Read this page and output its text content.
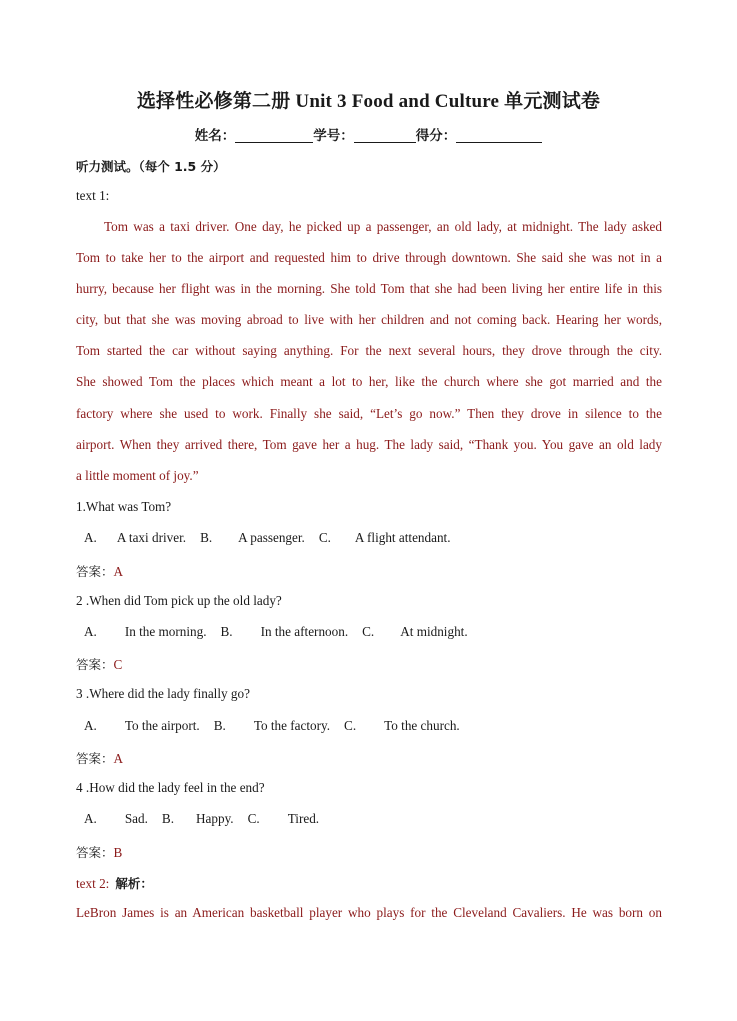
选择性必修第二册 Unit 3 Food and Culture 单元测试卷
姓名：	学号：	得分：
听力测试。（每个 1.5 分）
text 1:
Tom was a taxi driver. One day, he picked up a passenger, an old lady, at midnight. The lady asked
Tom to take her to the airport and requested him to drive through downtown. She said she was not in a
hurry, because her flight was in the morning. She told Tom that she had been living her entire life in this
city, but that she was moving abroad to live with her children and not coming back. Hearing her words,
Tom started the car without saying anything. For the next several hours, they drove through the city.
She showed Tom the places which meant a lot to her, like the church where she got married and the
factory where she used to work. Finally she said, “Let’s go now.” Then they drove in silence to the
airport. When they arrived there, Tom gave her a hug. The lady said, “Thank you. You gave an old lady
a little moment of joy.”
1.What was Tom?
A. A taxi driver. B. A passenger. C. A flight attendant.
答案：A
2 .When did Tom pick up the old lady?
A. In the morning. B. In the afternoon. C. At midnight.
答案：C
3 .Where did the lady finally go?
A. To the airport. B. To the factory. C. To the church.
答案：A
4 .How did the lady feel in the end?
A. Sad. B. Happy. C. Tired.
答案：B
text 2: 解析：
LeBron James is an American basketball player who plays for the Cleveland Cavaliers. He was born on
